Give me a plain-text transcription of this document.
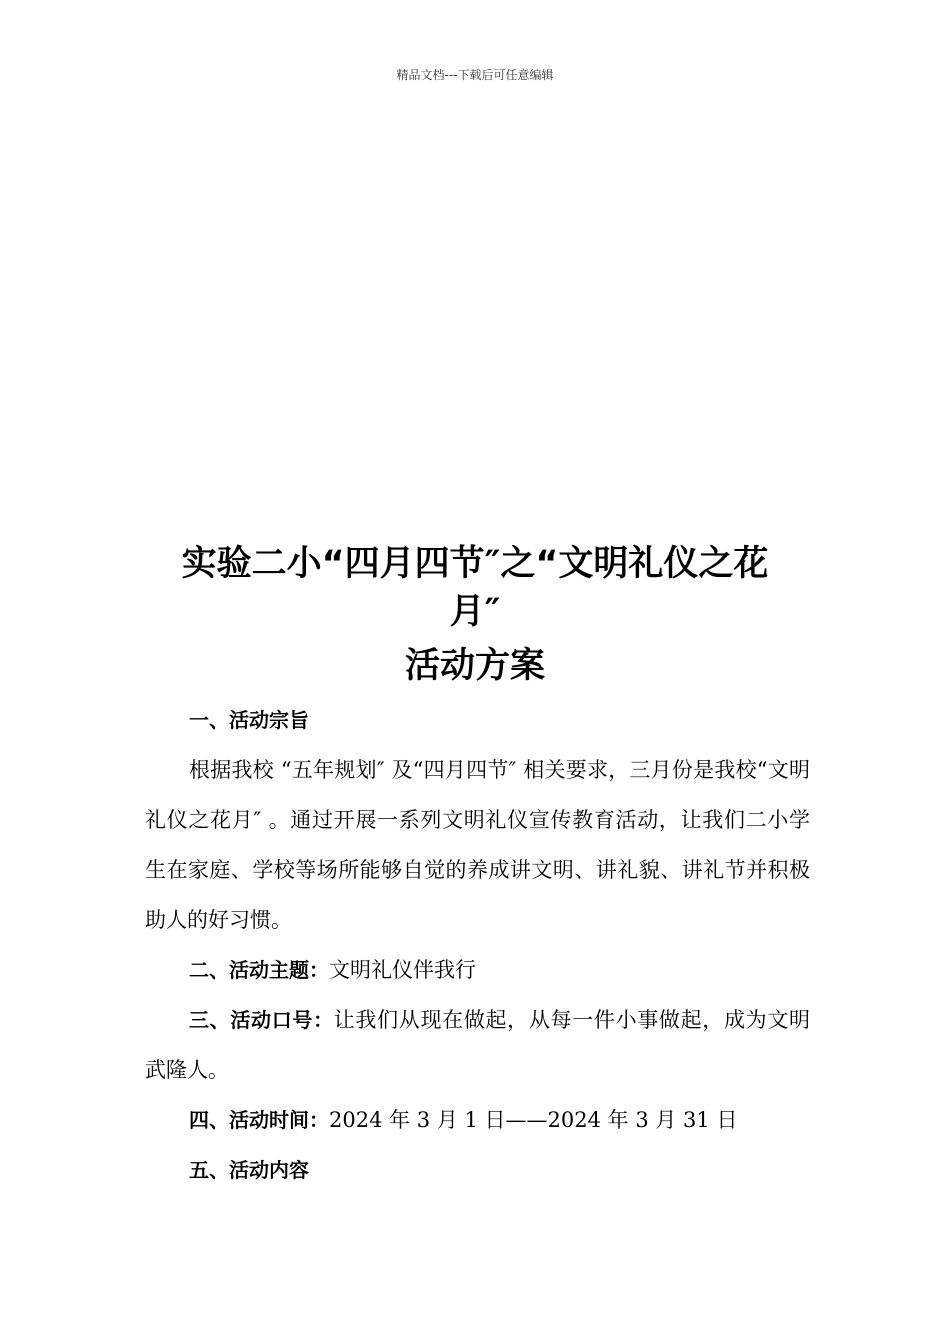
精品文档---下载后可任意编辑
实验二小“四月四节″之“文明礼仪之花
月″
活动方案

一、活动宗旨

根据我校 “五年规划″ 及“四月四节″ 相关要求，三月份是我校“文明礼仪之花月″ 。通过开展一系列文明礼仪宣传教育活动，让我们二小学生在家庭、学校等场所能够自觉的养成讲文明、讲礼貌、讲礼节并积极助人的好习惯。

二、活动主题：文明礼仪伴我行

三、活动口号：让我们从现在做起，从每一件小事做起，成为文明武隆人。

四、活动时间：2024 年 3 月 1 日——2024 年 3 月 31 日

五、活动内容
